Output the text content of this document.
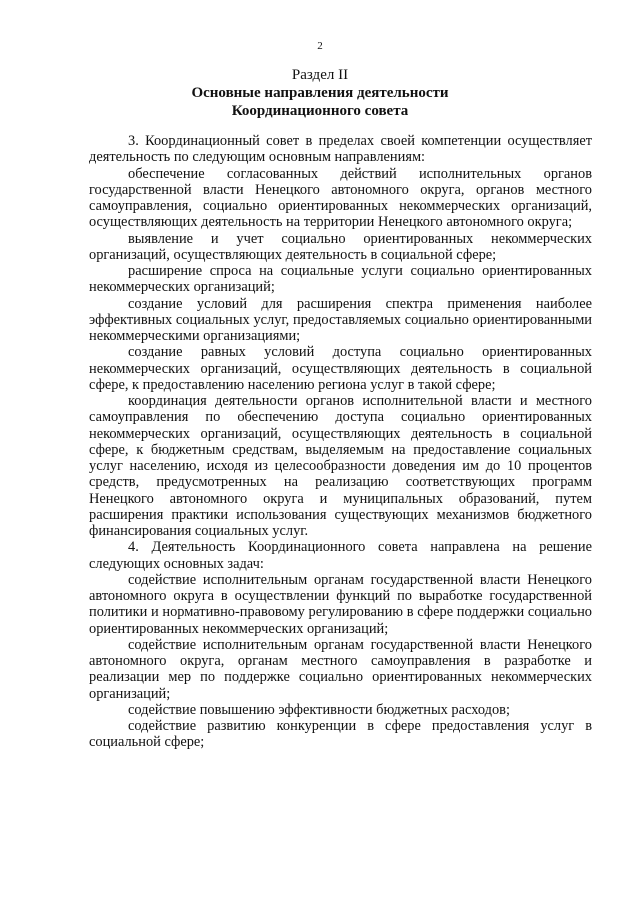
2
Раздел II
Основные направления деятельности
Координационного совета

3. Координационный совет в пределах своей компетенции осуществляет деятельность по следующим основным направлениям:

обеспечение согласованных действий исполнительных органов государственной власти Ненецкого автономного округа, органов местного самоуправления, социально ориентированных некоммерческих организаций, осуществляющих деятельность на территории Ненецкого автономного округа;

выявление и учет социально ориентированных некоммерческих организаций, осуществляющих деятельность в социальной сфере;

расширение спроса на социальные услуги социально ориентированных некоммерческих организаций;

создание условий для расширения спектра применения наиболее эффективных социальных услуг, предоставляемых социально ориентированными некоммерческими организациями;

создание равных условий доступа социально ориентированных некоммерческих организаций, осуществляющих деятельность в социальной сфере, к предоставлению населению региона услуг в такой сфере;

координация деятельности органов исполнительной власти и местного самоуправления по обеспечению доступа социально ориентированных некоммерческих организаций, осуществляющих деятельность в социальной сфере, к бюджетным средствам, выделяемым на предоставление социальных услуг населению, исходя из целесообразности доведения им до 10 процентов средств, предусмотренных на реализацию соответствующих программ Ненецкого автономного округа и муниципальных образований, путем расширения практики использования существующих механизмов бюджетного финансирования социальных услуг.

4. Деятельность Координационного совета направлена на решение следующих основных задач:

содействие исполнительным органам государственной власти Ненецкого автономного округа в осуществлении функций по выработке государственной политики и нормативно-правовому регулированию в сфере поддержки социально ориентированных некоммерческих организаций;

содействие исполнительным органам государственной власти Ненецкого автономного округа, органам местного самоуправления в разработке и реализации мер по поддержке социально ориентированных некоммерческих организаций;

содействие повышению эффективности бюджетных расходов;

содействие развитию конкуренции в сфере предоставления услуг в социальной сфере;
